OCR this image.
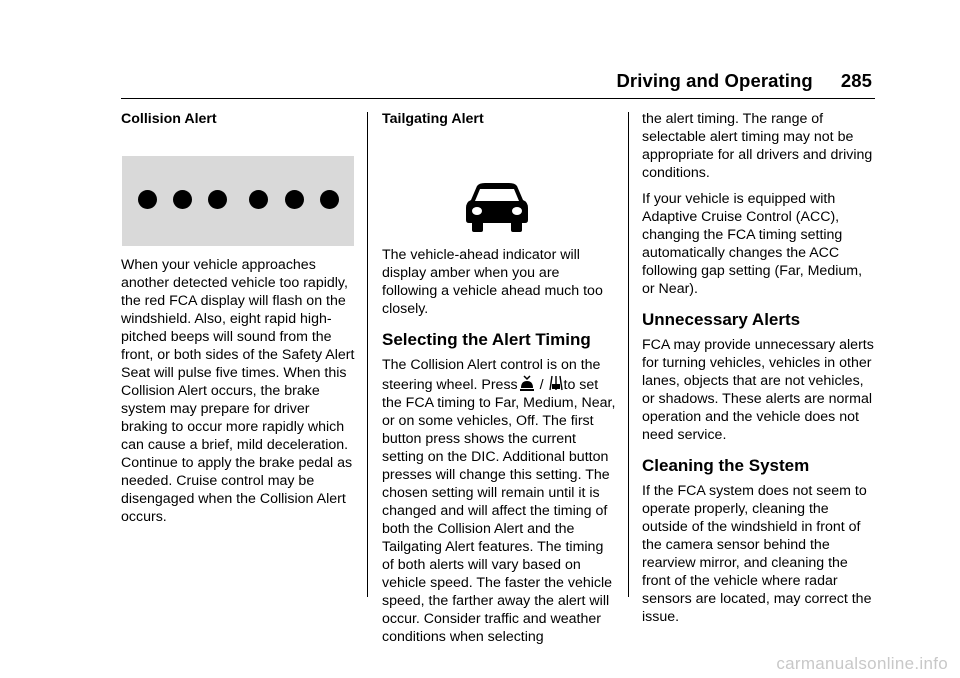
Driving and Operating 285
Collision Alert

When your vehicle approaches another detected vehicle too rapidly, the red FCA display will flash on the windshield. Also, eight rapid high-pitched beeps will sound from the front, or both sides of the Safety Alert Seat will pulse five times. When this Collision Alert occurs, the brake system may prepare for driver braking to occur more rapidly which can cause a brief, mild deceleration. Continue to apply the brake pedal as needed. Cruise control may be disengaged when the Collision Alert occurs.

Tailgating Alert

The vehicle-ahead indicator will display amber when you are following a vehicle ahead much too closely.

Selecting the Alert Timing

The Collision Alert control is on the steering wheel. Press / to set the FCA timing to Far, Medium, Near, or on some vehicles, Off. The first button press shows the current setting on the DIC. Additional button presses will change this setting. The chosen setting will remain until it is changed and will affect the timing of both the Collision Alert and the Tailgating Alert features. The timing of both alerts will vary based on vehicle speed. The faster the vehicle speed, the farther away the alert will occur. Consider traffic and weather conditions when selecting

the alert timing. The range of selectable alert timing may not be appropriate for all drivers and driving conditions.

If your vehicle is equipped with Adaptive Cruise Control (ACC), changing the FCA timing setting automatically changes the ACC following gap setting (Far, Medium, or Near).

Unnecessary Alerts

FCA may provide unnecessary alerts for turning vehicles, vehicles in other lanes, objects that are not vehicles, or shadows. These alerts are normal operation and the vehicle does not need service.

Cleaning the System

If the FCA system does not seem to operate properly, cleaning the outside of the windshield in front of the camera sensor behind the rearview mirror, and cleaning the front of the vehicle where radar sensors are located, may correct the issue.

carmanualsonline.info
